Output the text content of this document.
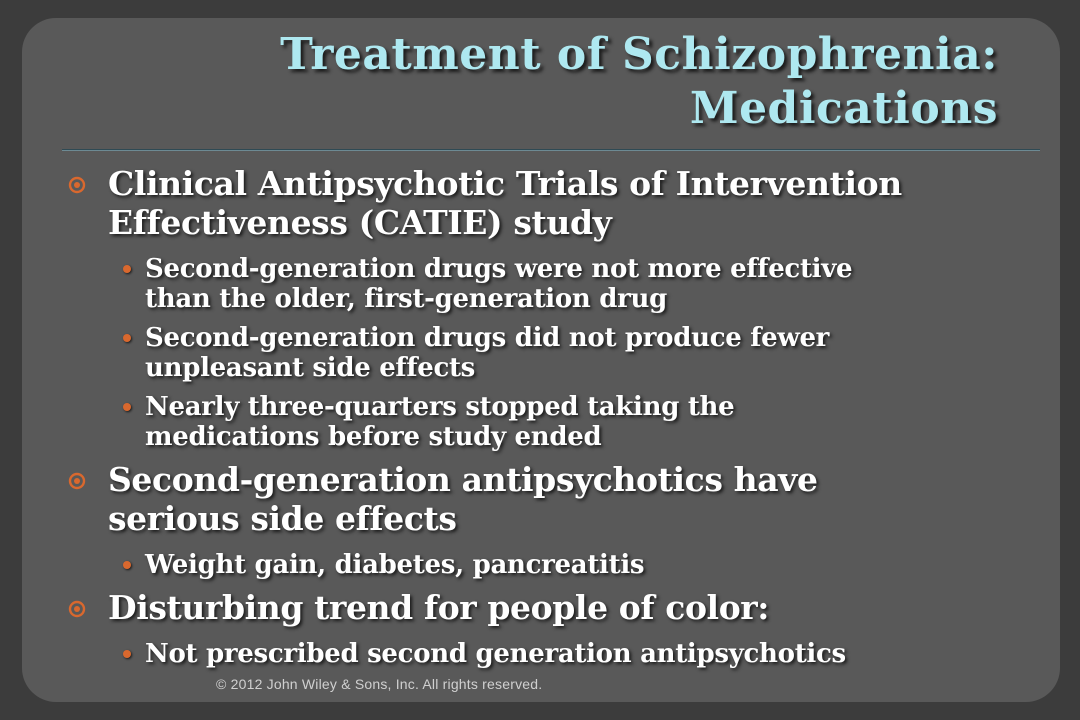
Treatment of Schizophrenia:
Medications
Clinical Antipsychotic Trials of Intervention
Effectiveness (CATIE) study
Second-generation drugs were not more effective
than the older, first-generation drug
Second-generation drugs did not produce fewer
unpleasant side effects
Nearly three-quarters stopped taking the
medications before study ended
Second-generation antipsychotics have
serious side effects
Weight gain, diabetes, pancreatitis
Disturbing trend for people of color:
Not prescribed second generation antipsychotics
© 2012 John Wiley & Sons, Inc. All rights reserved.
